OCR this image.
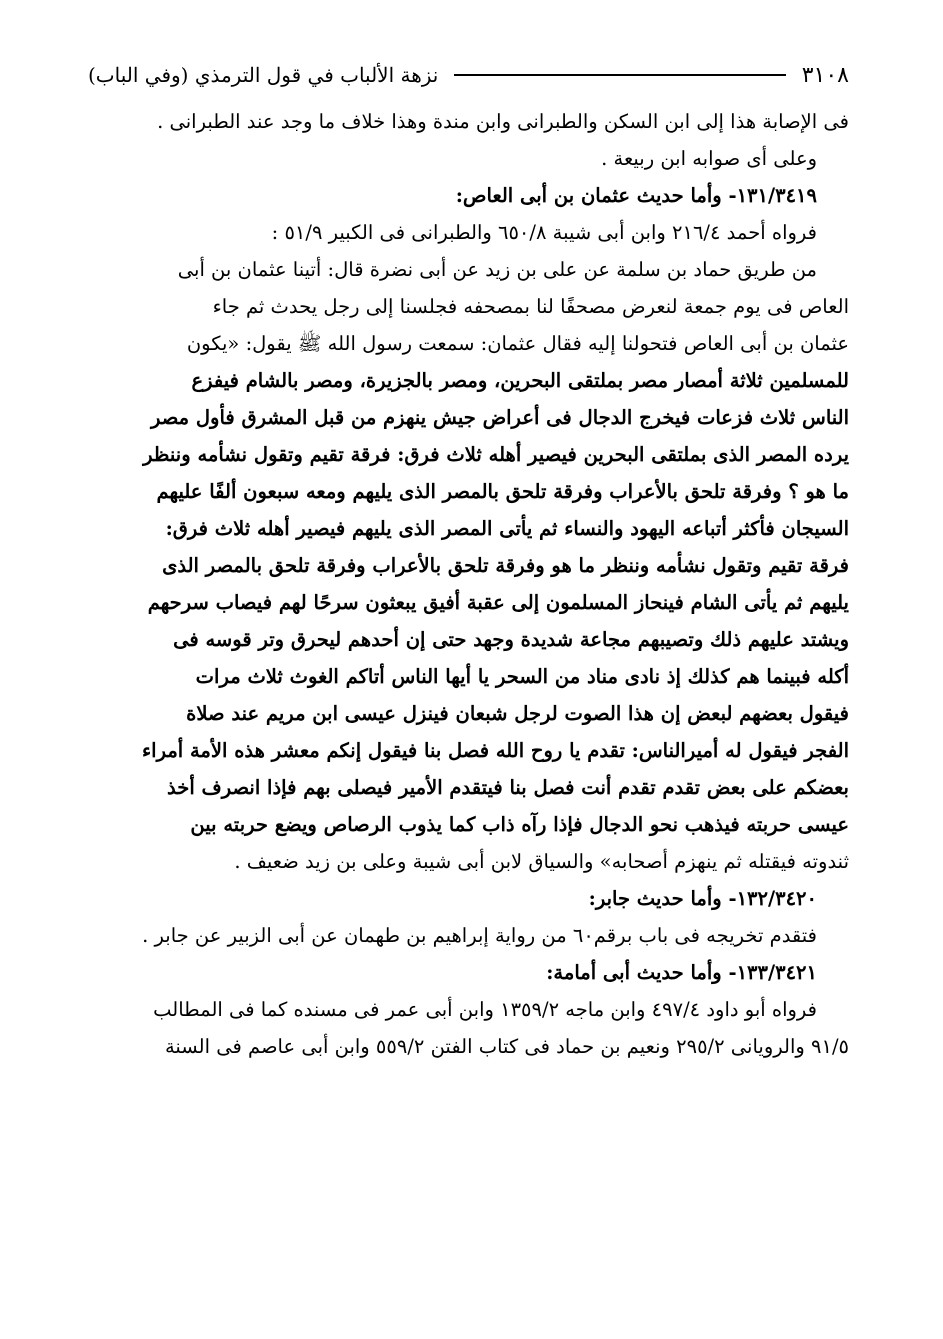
٣١٠٨
نزهة الألباب في قول الترمذي (وفي الباب)
فى الإصابة هذا إلى ابن السكن والطبرانى وابن مندة وهذا خلاف ما وجد عند الطبرانى .
وعلى أى صوابه ابن ربيعة .
١٣١/٣٤١٩- وأما حديث عثمان بن أبى العاص:
فرواه أحمد ٢١٦/٤ وابن أبى شيبة ٦٥٠/٨ والطبرانى فى الكبير ٥١/٩ :
من طريق حماد بن سلمة عن على بن زيد عن أبى نضرة قال: أتينا عثمان بن أبى
العاص فى يوم جمعة لنعرض مصحفًا لنا بمصحفه فجلسنا إلى رجل يحدث ثم جاء
عثمان بن أبى العاص فتحولنا إليه فقال عثمان: سمعت رسول الله ﷺ يقول: «يكون
للمسلمين ثلاثة أمصار مصر بملتقى البحرين، ومصر بالجزيرة، ومصر بالشام فيفزع
الناس ثلاث فزعات فيخرج الدجال فى أعراض جيش ينهزم من قبل المشرق فأول مصر
يرده المصر الذى بملتقى البحرين فيصير أهله ثلاث فرق: فرقة تقيم وتقول نشأمه وننظر
ما هو ؟ وفرقة تلحق بالأعراب وفرقة تلحق بالمصر الذى يليهم ومعه سبعون ألفًا عليهم
السيجان فأكثر أتباعه اليهود والنساء ثم يأتى المصر الذى يليهم فيصير أهله ثلاث فرق:
فرقة تقيم وتقول نشأمه وننظر ما هو وفرقة تلحق بالأعراب وفرقة تلحق بالمصر الذى
يليهم ثم يأتى الشام فينحاز المسلمون إلى عقبة أفيق يبعثون سرحًا لهم فيصاب سرحهم
ويشتد عليهم ذلك وتصيبهم مجاعة شديدة وجهد حتى إن أحدهم ليحرق وتر قوسه فى
أكله فبينما هم كذلك إذ نادى مناد من السحر يا أيها الناس أتاكم الغوث ثلاث مرات
فيقول بعضهم لبعض إن هذا الصوت لرجل شبعان فينزل عيسى ابن مريم عند صلاة
الفجر فيقول له أميرالناس: تقدم يا روح الله فصل بنا فيقول إنكم معشر هذه الأمة أمراء
بعضكم على بعض تقدم تقدم أنت فصل بنا فيتقدم الأمير فيصلى بهم فإذا انصرف أخذ
عيسى حربته فيذهب نحو الدجال فإذا رآه ذاب كما يذوب الرصاص ويضع حربته بين
ثندوته فيقتله ثم ينهزم أصحابه» والسياق لابن أبى شيبة وعلى بن زيد ضعيف .
١٣٢/٣٤٢٠- وأما حديث جابر:
فتقدم تخريجه فى باب برقم٦٠ من رواية إبراهيم بن طهمان عن أبى الزبير عن جابر .
١٣٣/٣٤٢١- وأما حديث أبى أمامة:
فرواه أبو داود ٤٩٧/٤ وابن ماجه ١٣٥٩/٢ وابن أبى عمر فى مسنده كما فى المطالب
٩١/٥ والرويانى ٢٩٥/٢ ونعيم بن حماد فى كتاب الفتن ٥٥٩/٢ وابن أبى عاصم فى السنة
